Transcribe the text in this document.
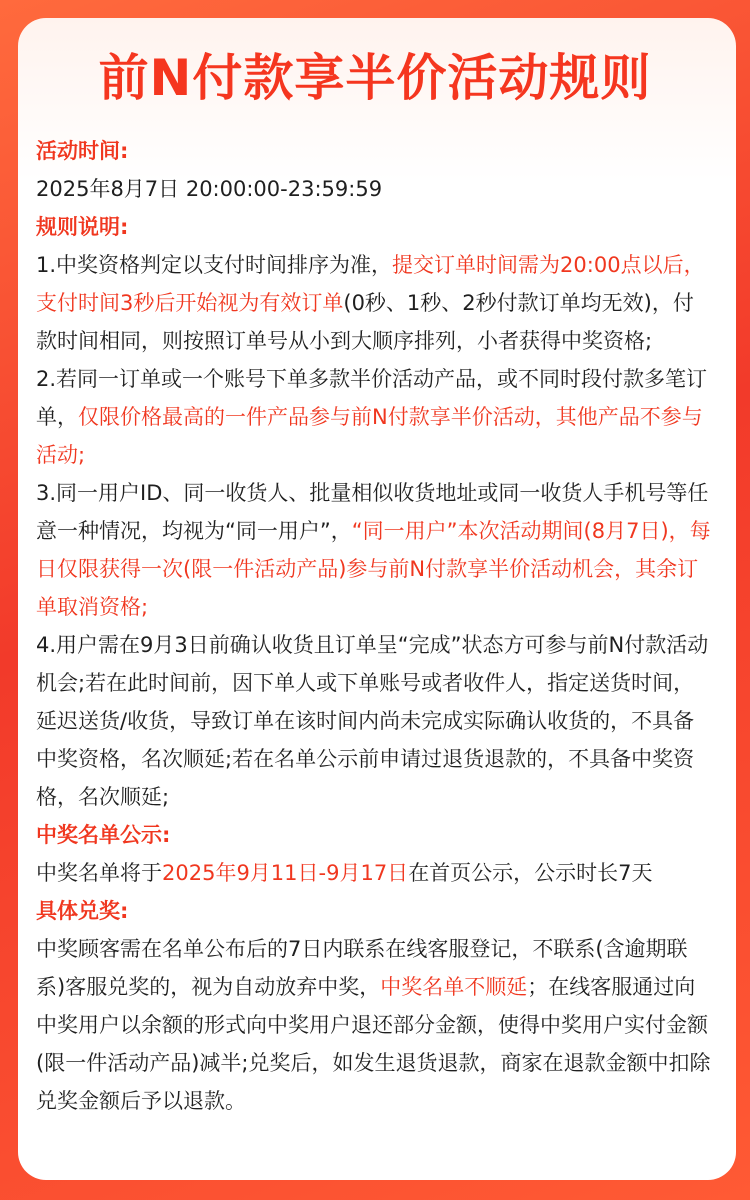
前N付款享半价活动规则

活动时间:

2025年8月7日 20:00:00-23:59:59

规则说明:

1.中奖资格判定以支付时间排序为准，提交订单时间需为20:00点以后，支付时间3秒后开始视为有效订单(0秒、1秒、2秒付款订单均无效)，付款时间相同，则按照订单号从小到大顺序排列，小者获得中奖资格;

2.若同一订单或一个账号下单多款半价活动产品，或不同时段付款多笔订单，仅限价格最高的一件产品参与前N付款享半价活动，其他产品不参与活动;

3.同一用户ID、同一收货人、批量相似收货地址或同一收货人手机号等任意一种情况，均视为“同一用户”，“同一用户”本次活动期间(8月7日)，每日仅限获得一次(限一件活动产品)参与前N付款享半价活动机会，其余订单取消资格;

4.用户需在9月3日前确认收货且订单呈“完成”状态方可参与前N付款活动机会;若在此时间前，因下单人或下单账号或者收件人，指定送货时间，延迟送货/收货，导致订单在该时间内尚未完成实际确认收货的，不具备中奖资格，名次顺延;若在名单公示前申请过退货退款的，不具备中奖资格，名次顺延;

中奖名单公示:

中奖名单将于2025年9月11日-9月17日在首页公示，公示时长7天

具体兑奖:

中奖顾客需在名单公布后的7日内联系在线客服登记，不联系(含逾期联系)客服兑奖的，视为自动放弃中奖，中奖名单不顺延；在线客服通过向中奖用户以余额的形式向中奖用户退还部分金额，使得中奖用户实付金额(限一件活动产品)减半;兑奖后，如发生退货退款，商家在退款金额中扣除兑奖金额后予以退款。
